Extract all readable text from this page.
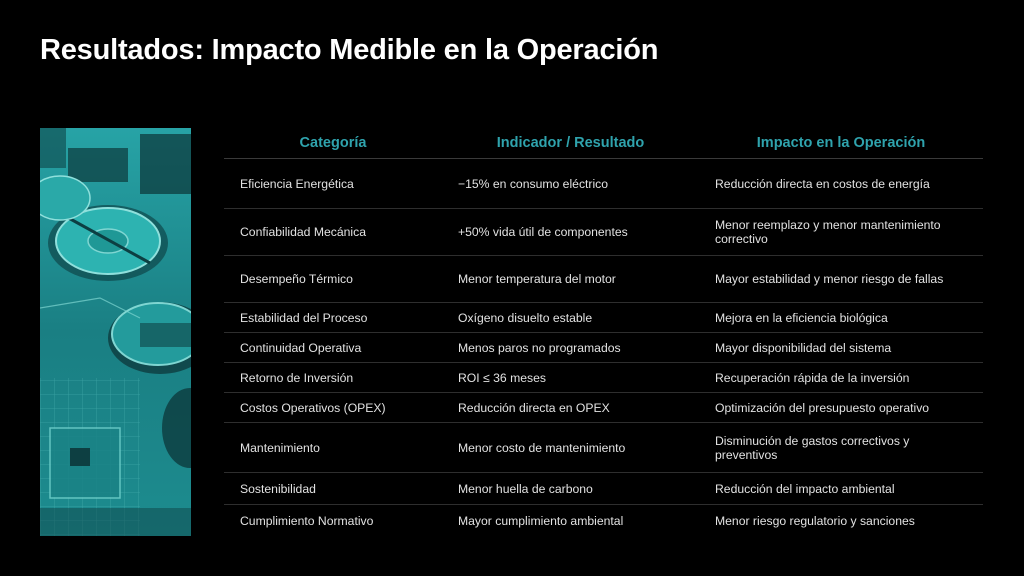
Resultados: Impacto Medible en la Operación
Categoría	Indicador / Resultado	Impacto en la Operación
Eficiencia Energética	−15% en consumo eléctrico	Reducción directa en costos de energía
Confiabilidad Mecánica	+50% vida útil de componentes	Menor reemplazo y menor mantenimiento correctivo
Desempeño Térmico	Menor temperatura del motor	Mayor estabilidad y menor riesgo de fallas
Estabilidad del Proceso	Oxígeno disuelto estable	Mejora en la eficiencia biológica
Continuidad Operativa	Menos paros no programados	Mayor disponibilidad del sistema
Retorno de Inversión	ROI ≤ 36 meses	Recuperación rápida de la inversión
Costos Operativos (OPEX)	Reducción directa en OPEX	Optimización del presupuesto operativo
Mantenimiento	Menor costo de mantenimiento	Disminución de gastos correctivos y preventivos
Sostenibilidad	Menor huella de carbono	Reducción del impacto ambiental
Cumplimiento Normativo	Mayor cumplimiento ambiental	Menor riesgo regulatorio y sanciones
